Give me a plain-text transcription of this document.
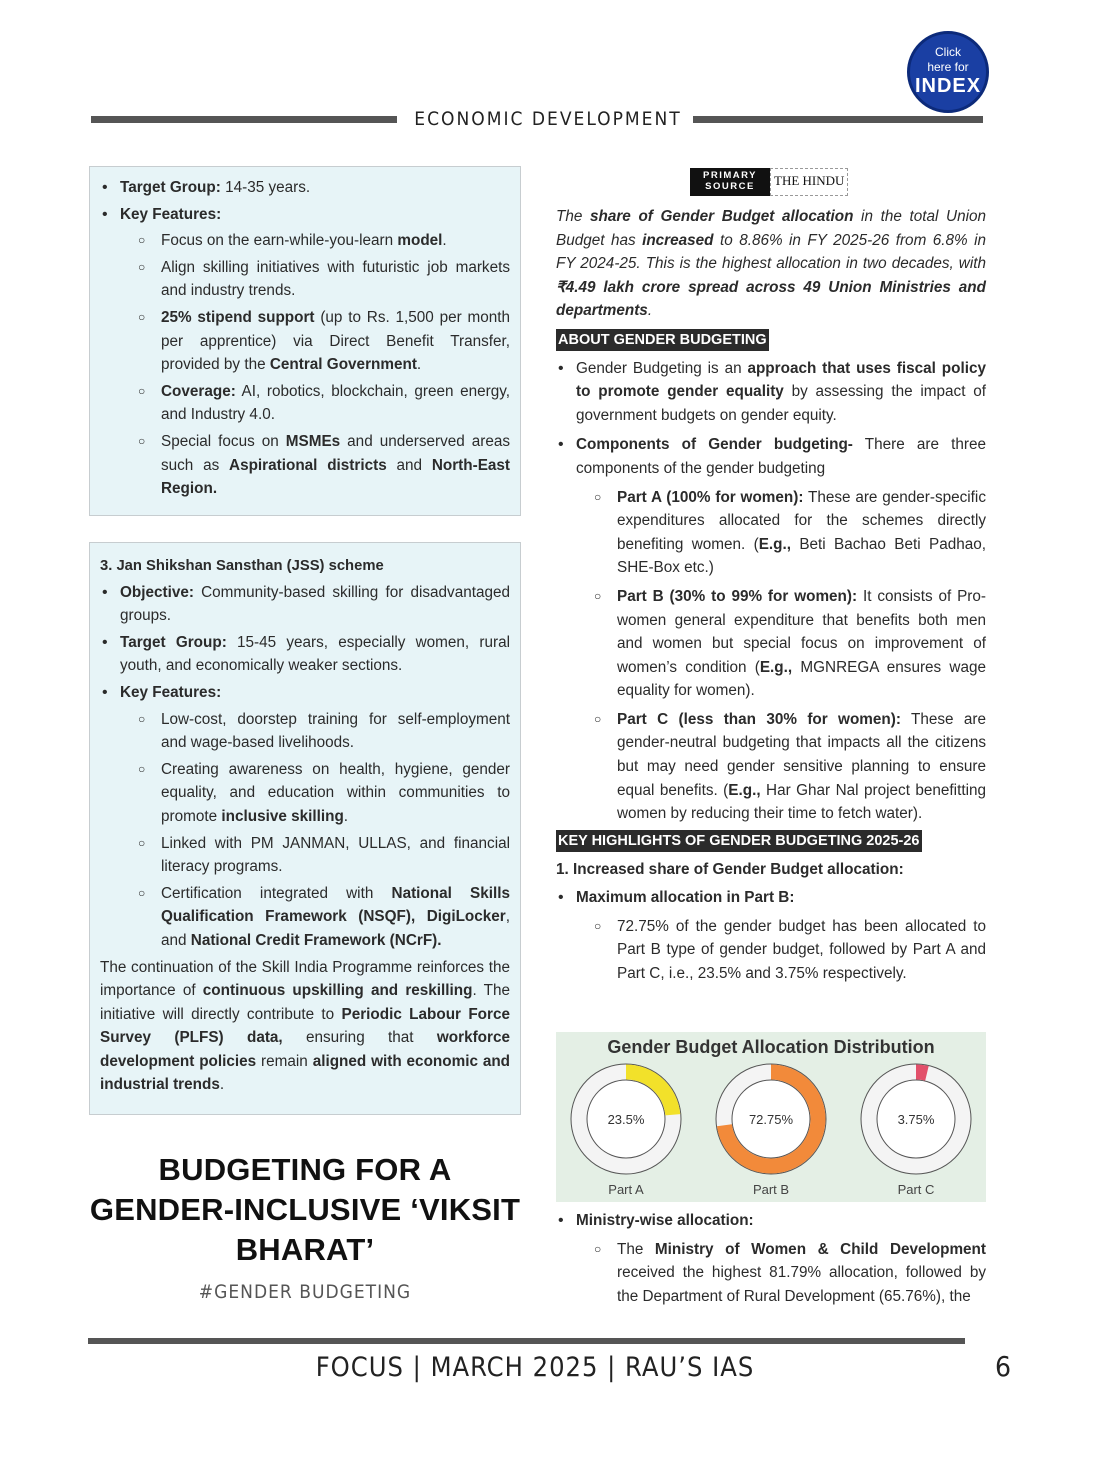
ECONOMIC DEVELOPMENT
Click
here for
INDEX
• Target Group: 14-35 years.
• Key Features:
○ Focus on the earn-while-you-learn model.
○ Align skilling initiatives with futuristic job markets and industry trends.
○ 25% stipend support (up to Rs. 1,500 per month per apprentice) via Direct Benefit Transfer, provided by the Central Government.
○ Coverage: AI, robotics, blockchain, green energy, and Industry 4.0.
○ Special focus on MSMEs and underserved areas such as Aspirational districts and North-East Region.
3. Jan Shikshan Sansthan (JSS) scheme
• Objective: Community-based skilling for disadvantaged groups.
• Target Group: 15-45 years, especially women, rural youth, and economically weaker sections.
• Key Features:
○ Low-cost, doorstep training for self-employment and wage-based livelihoods.
○ Creating awareness on health, hygiene, gender equality, and education within communities to promote inclusive skilling.
○ Linked with PM JANMAN, ULLAS, and financial literacy programs.
○ Certification integrated with National Skills Qualification Framework (NSQF), DigiLocker, and National Credit Framework (NCrF).

The continuation of the Skill India Programme reinforces the importance of continuous upskilling and reskilling. The initiative will directly contribute to Periodic Labour Force Survey (PLFS) data, ensuring that workforce development policies remain aligned with economic and industrial trends.

BUDGETING FOR A GENDER-INCLUSIVE ‘VIKSIT BHARAT’
#GENDER BUDGETING
PRIMARY
SOURCE	THE HINDU

The share of Gender Budget allocation in the total Union Budget has increased to 8.86% in FY 2025-26 from 6.8% in FY 2024-25. This is the highest allocation in two decades, with ₹4.49 lakh crore spread across 49 Union Ministries and departments.

ABOUT GENDER BUDGETING
• Gender Budgeting is an approach that uses fiscal policy to promote gender equality by assessing the impact of government budgets on gender equity.
• Components of Gender budgeting- There are three components of the gender budgeting
○ Part A (100% for women): These are gender-specific expenditures allocated for the schemes directly benefiting women. (E.g., Beti Bachao Beti Padhao, SHE-Box etc.)
○ Part B (30% to 99% for women): It consists of Pro-women general expenditure that benefits both men and women but special focus on improvement of women’s condition (E.g., MGNREGA ensures wage equality for women).
○ Part C (less than 30% for women): These are gender-neutral budgeting that impacts all the citizens but may need gender sensitive planning to ensure equal benefits. (E.g., Har Ghar Nal project benefitting women by reducing their time to fetch water).
KEY HIGHLIGHTS OF GENDER BUDGETING 2025-26
1. Increased share of Gender Budget allocation:
• Maximum allocation in Part B:
○ 72.75% of the gender budget has been allocated to Part B type of gender budget, followed by Part A and Part C, i.e., 23.5% and 3.75% respectively.
Gender Budget Allocation Distribution
23.5%
Part A
72.75%
Part B
3.75%
Part C
• Ministry-wise allocation:
○ The Ministry of Women & Child Development received the highest 81.79% allocation, followed by the Department of Rural Development (65.76%), the
FOCUS | MARCH 2025 | RAU’S IAS	6
